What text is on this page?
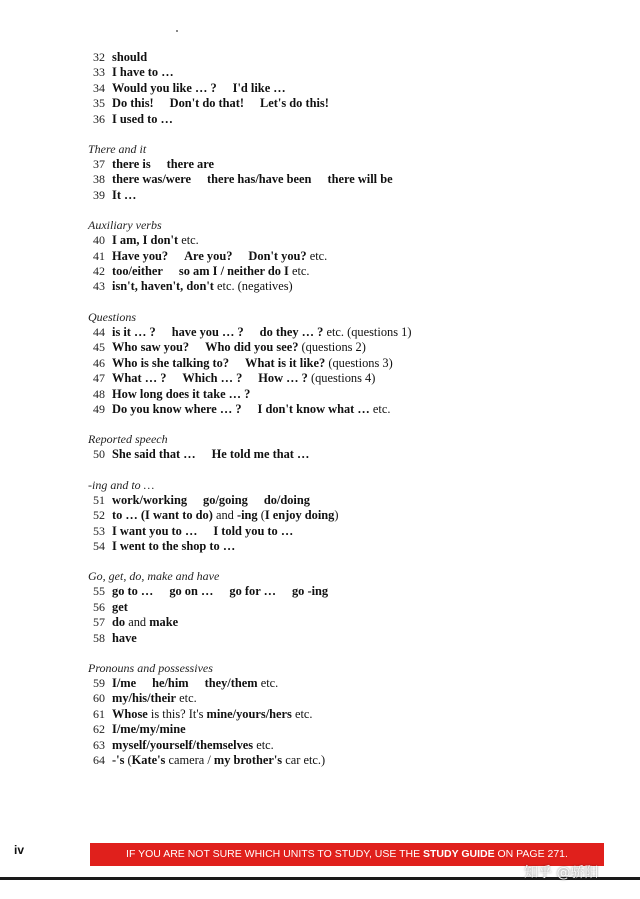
32 should
33 I have to …
34 Would you like … ? I'd like …
35 Do this! Don't do that! Let's do this!
36 I used to …
There and it
37 there is there are
38 there was/were there has/have been there will be
39 It …
Auxiliary verbs
40 I am, I don't etc.
41 Have you? Are you? Don't you? etc.
42 too/either so am I / neither do I etc.
43 isn't, haven't, don't etc. (negatives)
Questions
44 is it … ? have you … ? do they … ? etc. (questions 1)
45 Who saw you? Who did you see? (questions 2)
46 Who is she talking to? What is it like? (questions 3)
47 What … ? Which … ? How … ? (questions 4)
48 How long does it take … ?
49 Do you know where … ? I don't know what … etc.
Reported speech
50 She said that … He told me that …
-ing and to …
51 work/working go/going do/doing
52 to … (I want to do) and -ing (I enjoy doing)
53 I want you to … I told you to …
54 I went to the shop to …
Go, get, do, make and have
55 go to … go on … go for … go -ing
56 get
57 do and make
58 have
Pronouns and possessives
59 I/me he/him they/them etc.
60 my/his/their etc.
61 Whose is this? It's mine/yours/hers etc.
62 I/me/my/mine
63 myself/yourself/themselves etc.
64 -'s (Kate's camera / my brother's car etc.)
iv	IF YOU ARE NOT SURE WHICH UNITS TO STUDY, USE THE STUDY GUIDE ON PAGE 271.
知乎 @骄阳
